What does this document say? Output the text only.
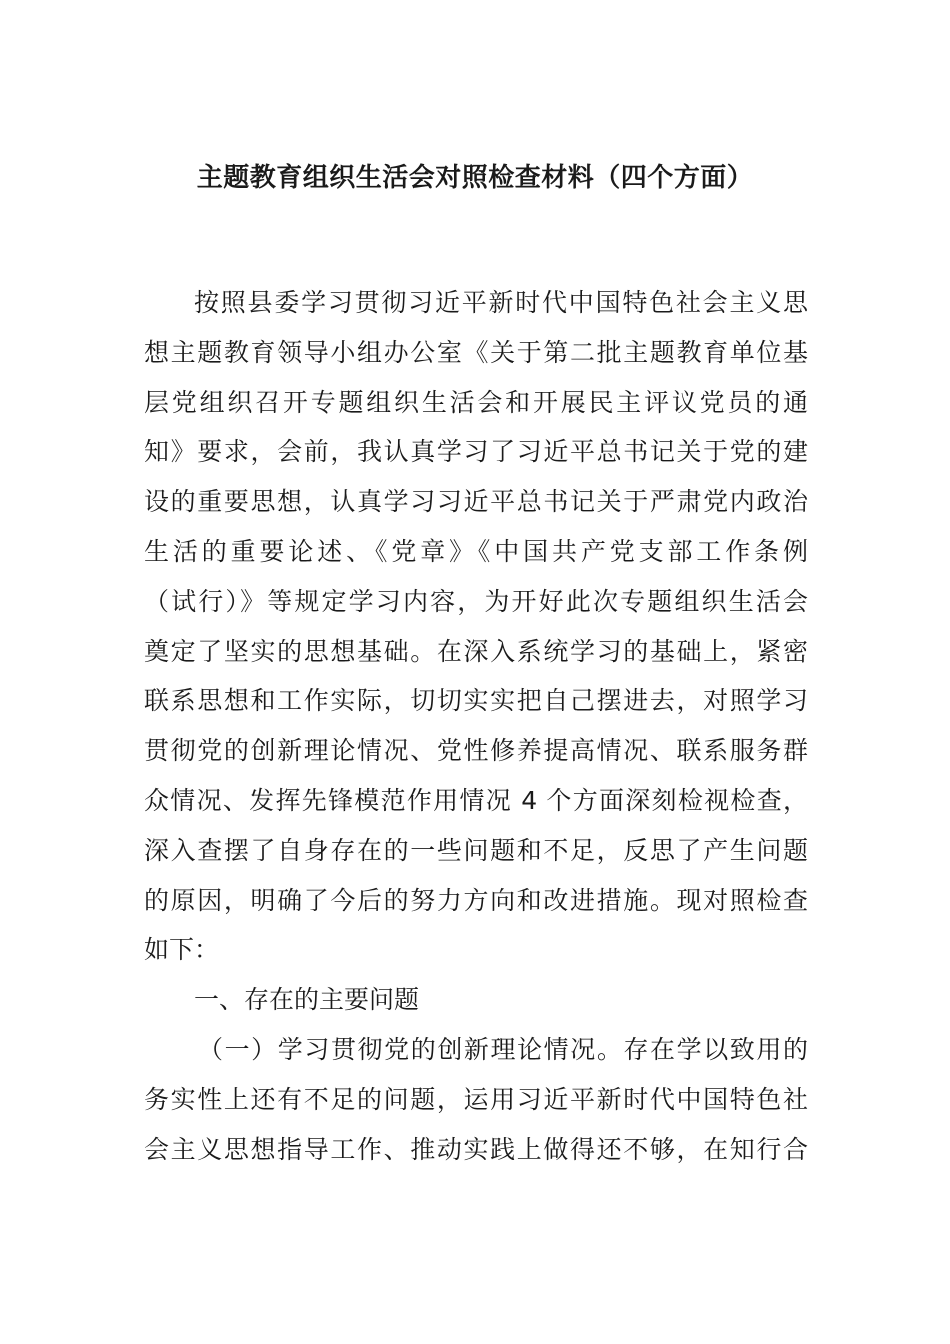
主题教育组织生活会对照检查材料（四个方面）
按照县委学习贯彻习近平新时代中国特色社会主义思
想主题教育领导小组办公室《关于第二批主题教育单位基
层党组织召开专题组织生活会和开展民主评议党员的通
知》要求，会前，我认真学习了习近平总书记关于党的建
设的重要思想，认真学习习近平总书记关于严肃党内政治
生活的重要论述、《党章》《中国共产党支部工作条例
（试行）》等规定学习内容，为开好此次专题组织生活会
奠定了坚实的思想基础。在深入系统学习的基础上，紧密
联系思想和工作实际，切切实实把自己摆进去，对照学习
贯彻党的创新理论情况、党性修养提高情况、联系服务群
众情况、发挥先锋模范作用情况 4 个方面深刻检视检查，
深入查摆了自身存在的一些问题和不足，反思了产生问题
的原因，明确了今后的努力方向和改进措施。现对照检查
如下：
一、存在的主要问题
（一）学习贯彻党的创新理论情况。存在学以致用的
务实性上还有不足的问题，运用习近平新时代中国特色社
会主义思想指导工作、推动实践上做得还不够，在知行合
